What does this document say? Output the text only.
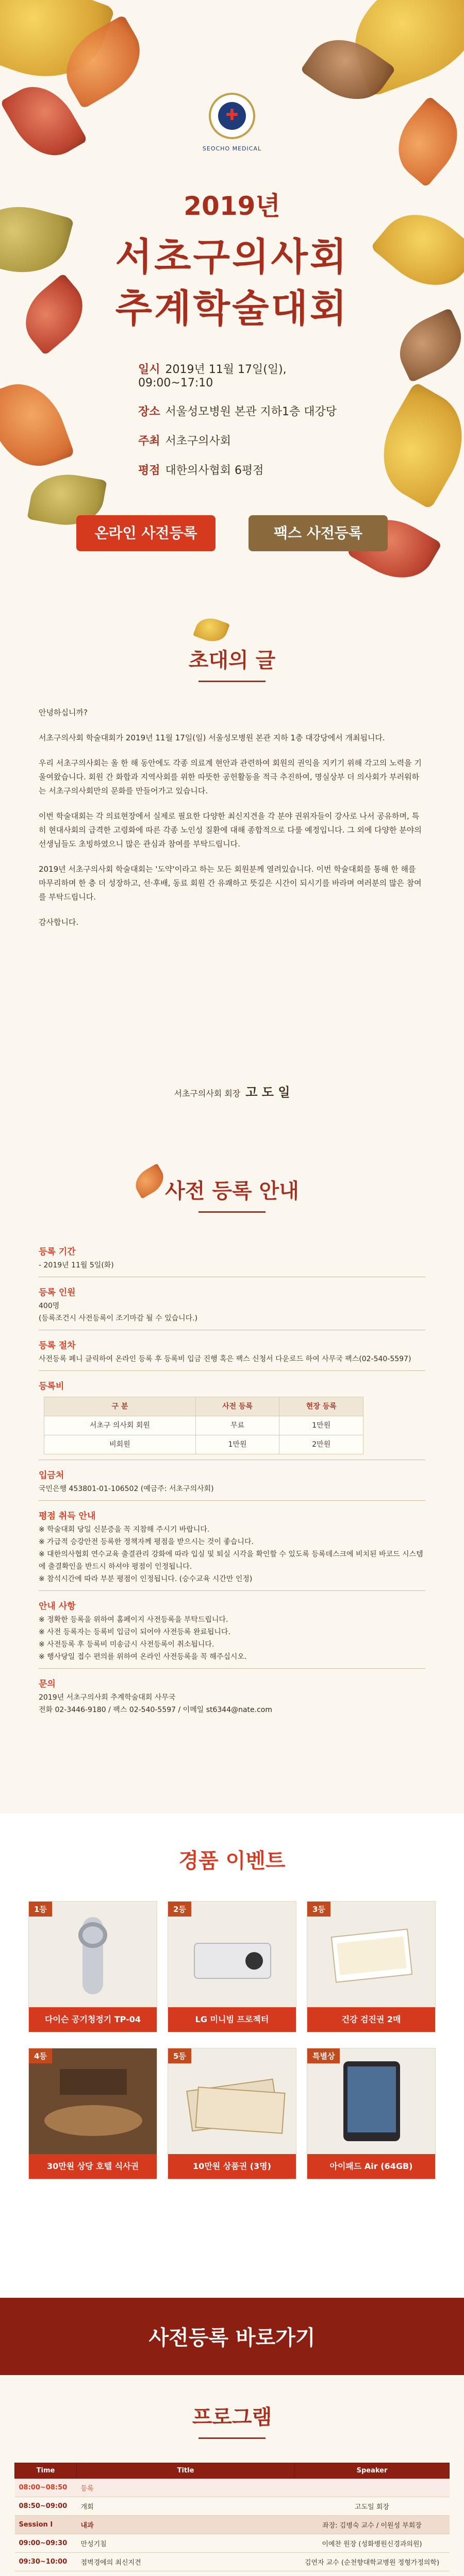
✚
SEOCHO MEDICAL
2019년
서초구의사회
추계학술대회
일시 2019년 11월 17일(일), 09:00~17:10
장소 서울성모병원 본관 지하1층 대강당
주최 서초구의사회
평점 대한의사협회 6평점
온라인 사전등록	팩스 사전등록
초대의 글

안녕하십니까?

서초구의사회 학술대회가 2019년 11월 17일(일) 서울성모병원 본관 지하 1층 대강당에서 개최됩니다.

우리 서초구의사회는 올 한 해 동안에도 각종 의료계 현안과 관련하여 회원의 권익을 지키기 위해 각고의 노력을 기울여왔습니다. 회원 간 화합과 지역사회를 위한 따뜻한 공헌활동을 적극 추진하여, 명실상부 더 의사회가 부러워하는 서초구의사회만의 문화를 만들어가고 있습니다.

이번 학술대회는 각 의료현장에서 실제로 필요한 다양한 최신지견을 각 분야 권위자들이 강사로 나서 공유하며, 특히 현대사회의 급격한 고령화에 따른 각종 노인성 질환에 대해 종합적으로 다룰 예정입니다. 그 외에 다양한 분야의 선생님들도 초빙하였으니 많은 관심과 참여를 부탁드립니다.

2019년 서초구의사회 학술대회는 '도약'이라고 하는 모든 회원분께 열려있습니다. 이번 학술대회를 통해 한 해를 마무리하며 한 층 더 성장하고, 선·후배, 동료 회원 간 유쾌하고 뜻깊은 시간이 되시기를 바라며 여러분의 많은 참여를 부탁드립니다.

감사합니다.

서초구의사회 회장 고 도 일
사전 등록 안내
등록 기간
- 2019년 11월 5일(화)
등록 인원
400명
(등록조건시 사전등록이 조기마감 될 수 있습니다.)
등록 절차
사전등록 페니 클릭하여 온라인 등록 후 등록비 입금 진행 혹은 팩스 신청서 다운로드 하여 사무국 팩스(02-540-5597)
등록비
구 분	사전 등록	현장 등록
서초구 의사회 회원	무료	1만원
비회원	1만원	2만원
입금처
국민은행 453801-01-106502 (예금주: 서초구의사회)
평점 취득 안내
※ 학술대회 당일 신분증을 꼭 지참해 주시기 바랍니다.
※ 가급적 승강안전 등록한 정책자께 평점을 받으시는 것이 좋습니다.
※ 대한의사협회 연수교육 출결관리 강화에 따라 입실 및 퇴실 시각을 확인할 수 있도록 등록데스크에 비치된 바코드 시스템에 출결확인을 반드시 하셔야 평점이 인정됩니다.
※ 참석시간에 따라 부분 평점이 인정됩니다. (승수교육 시간만 인정)
안내 사항
※ 정확한 등록을 위하여 홈페이지 사전등록을 부탁드립니다.
※ 사전 등록자는 등록비 입금이 되어야 사전등록 완료됩니다.
※ 사전등록 후 등록비 미송금시 사전등록이 취소됩니다.
※ 행사당일 접수 편의를 위하여 온라인 사전등록을 꼭 해주십시오.
문의
2019년 서초구의사회 추계학술대회 사무국
전화 02-3446-9180 / 팩스 02-540-5597 / 이메일 st6344@nate.com
경품 이벤트
1등
다이슨 공기청정기 TP-04
2등
LG 미니빔 프로젝터
3등
건강 검진권 2매
4등
30만원 상당 호텔 식사권
5등
10만원 상품권 (3명)
특별상
아이패드 Air (64GB)
사전등록 바로가기
프로그램
Time	Title	Speaker
08:00~08:50	등록	
08:50~09:00	개회	고도일 회장
Session I	내과	좌장: 김병숙 교수 / 이원성 부회장
09:00~09:30	만성기침	이예찬 원장 (성화병원신경과의원)
09:30~10:00	점벽경에의 최신지견	김연자 교수 (순천향대학교병원 정형가정의학)
